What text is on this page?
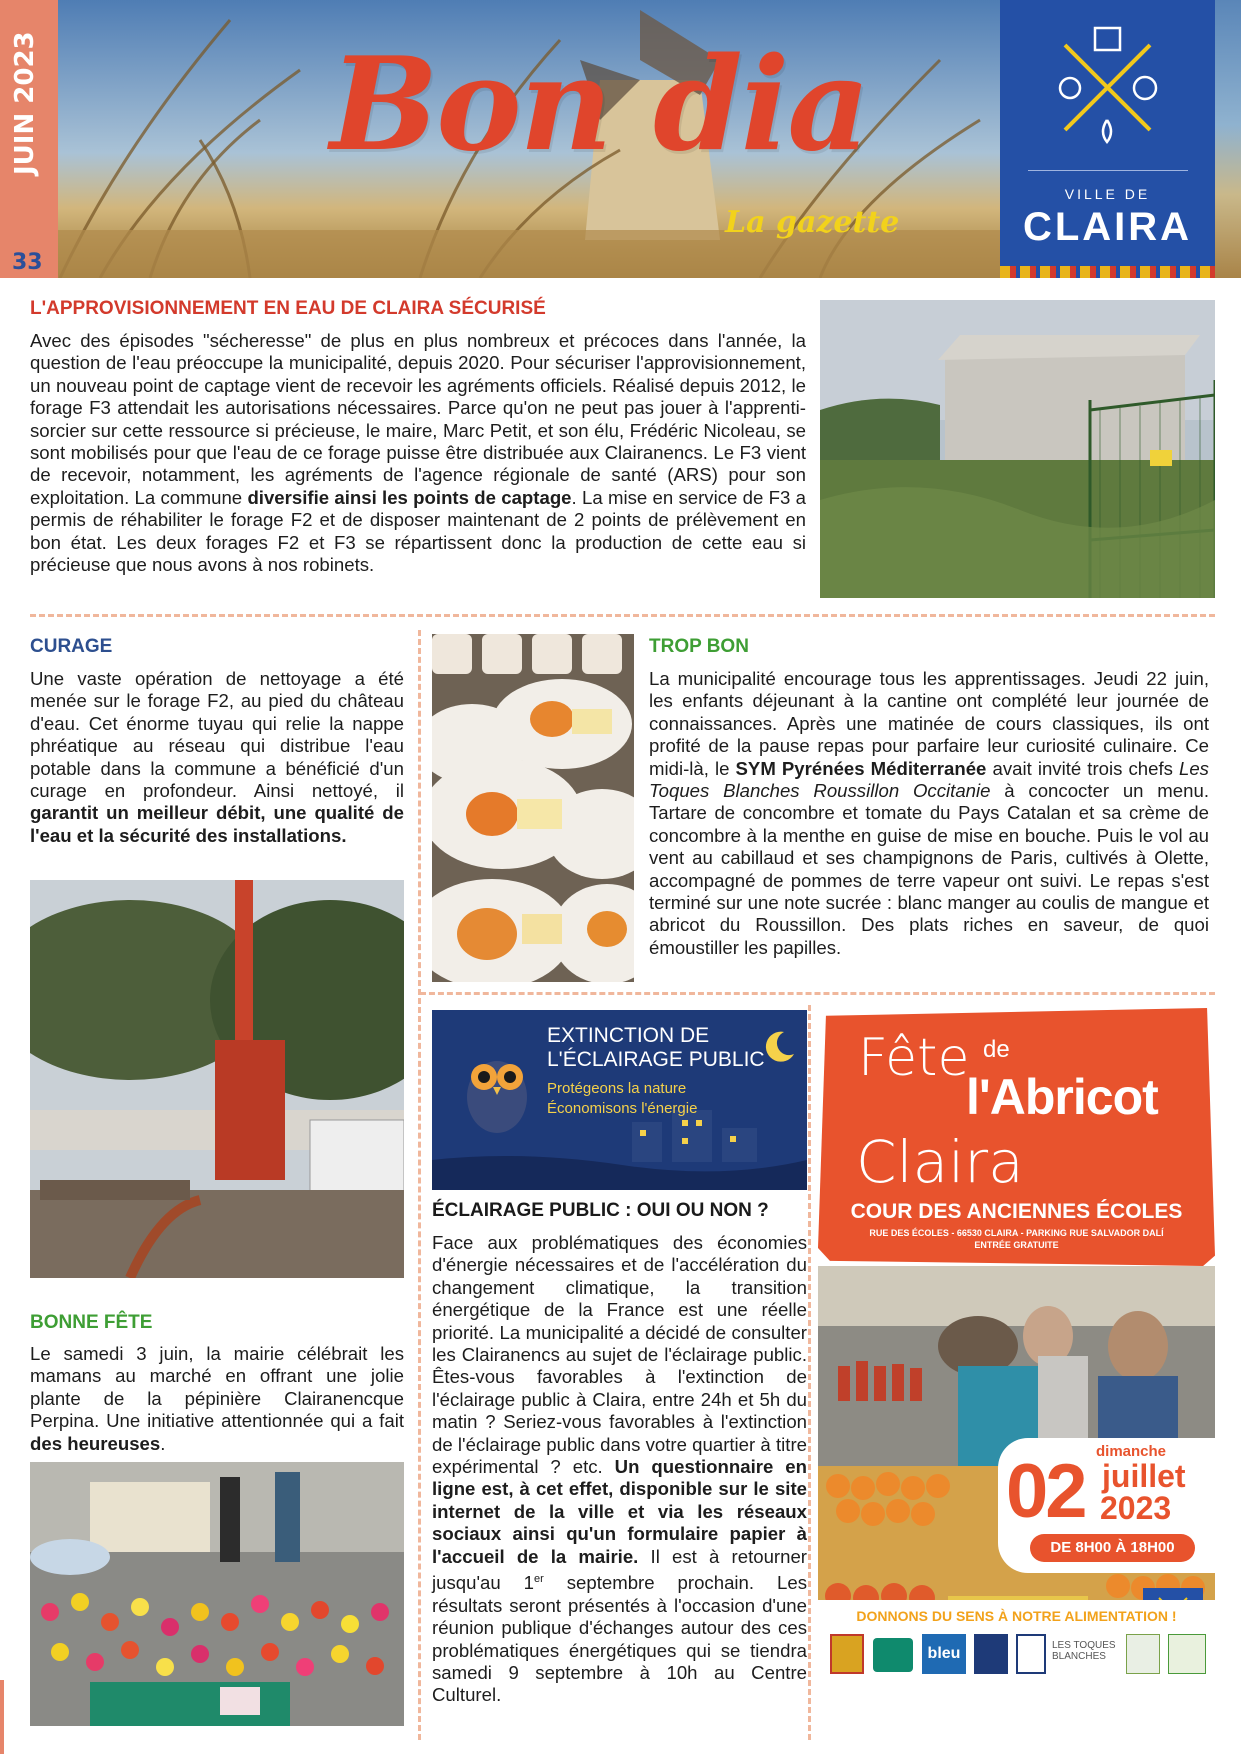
33
Bon dia
La gazette
VILLE DE
CLAIRA
L'APPROVISIONNEMENT EN EAU DE CLAIRA SÉCURISÉ
Avec des épisodes "sécheresse" de plus en plus nombreux et précoces dans l'année, la question de l'eau préoccupe la municipalité, depuis 2020. Pour sécuriser l'approvisionnement, un nouveau point de captage vient de recevoir les agréments officiels. Réalisé depuis 2012, le forage F3 attendait les autorisations nécessaires. Parce qu'on ne peut pas jouer à l'apprenti-sorcier sur cette ressource si précieuse, le maire, Marc Petit, et son élu, Frédéric Nicoleau, se sont mobilisés pour que l'eau de ce forage puisse être distribuée aux Clairanencs. Le F3 vient de recevoir, notamment, les agréments de l'agence régionale de santé (ARS) pour son exploitation. La commune diversifie ainsi les points de captage. La mise en service de F3 a permis de réhabiliter le forage F2 et de disposer maintenant de 2 points de prélèvement en bon état. Les deux forages F2 et F3 se répartissent donc la production de cette eau si précieuse que nous avons à nos robinets.
CURAGE
Une vaste opération de nettoyage a été menée sur le forage F2, au pied du château d'eau. Cet énorme tuyau qui relie la nappe phréatique au réseau qui distribue l'eau potable dans la commune a bénéficié d'un curage en profondeur. Ainsi nettoyé, il garantit un meilleur débit, une qualité de l'eau et la sécurité des installations.
BONNE FÊTE
Le samedi 3 juin, la mairie célébrait les mamans au marché en offrant une jolie plante de la pépinière Clairanencque Perpina. Une initiative attentionnée qui a fait des heureuses.
TROP BON
La municipalité encourage tous les apprentissages. Jeudi 22 juin, les enfants déjeunant à la cantine ont complété leur journée de connaissances. Après une matinée de cours classiques, ils ont profité de la pause repas pour parfaire leur curiosité culinaire. Ce midi-là, le SYM Pyrénées Méditerranée avait invité trois chefs Les Toques Blanches Roussillon Occitanie à concocter un menu. Tartare de concombre et tomate du Pays Catalan et sa crème de concombre à la menthe en guise de mise en bouche. Puis le vol au vent au cabillaud et ses champignons de Paris, cultivés à Olette, accompagné de pommes de terre vapeur ont suivi. Le repas s'est terminé sur une note sucrée : blanc manger au coulis de mangue et abricot du Roussillon. Des plats riches en saveur, de quoi émoustiller les papilles.
EXTINCTION DE
L'ÉCLAIRAGE PUBLIC
Protégeons la nature
Économisons l'énergie
ÉCLAIRAGE PUBLIC : OUI OU NON ?
Face aux problématiques des économies d'énergie nécessaires et de l'accélération du changement climatique, la transition énergétique de la France est une réelle priorité. La municipalité a décidé de consulter les Clairanencs au sujet de l'éclairage public. Êtes-vous favorables à l'extinction de l'éclairage public à Claira, entre 24h et 5h du matin ? Seriez-vous favorables à l'extinction de l'éclairage public dans votre quartier à titre expérimental ? etc. Un questionnaire en ligne est, à cet effet, disponible sur le site internet de la ville et via les réseaux sociaux ainsi qu'un formulaire papier à l'accueil de la mairie. Il est à retourner jusqu'au 1er septembre prochain. Les résultats seront présentés à l'occasion d'une réunion publique d'échanges autour des ces problématiques énergétiques qui se tiendra samedi 9 septembre à 10h au Centre Culturel.
Fête de
l'Abricot
Claira
COUR DES ANCIENNES ÉCOLES
RUE DES ÉCOLES - 66530 CLAIRA - PARKING RUE SALVADOR DALÍ
ENTRÉE GRATUITE
dimanche
02 juillet
2023
DE 8H00 À 18H00
DONNONS DU SENS À NOTRE ALIMENTATION !
bleu	LES TOQUES
BLANCHES
